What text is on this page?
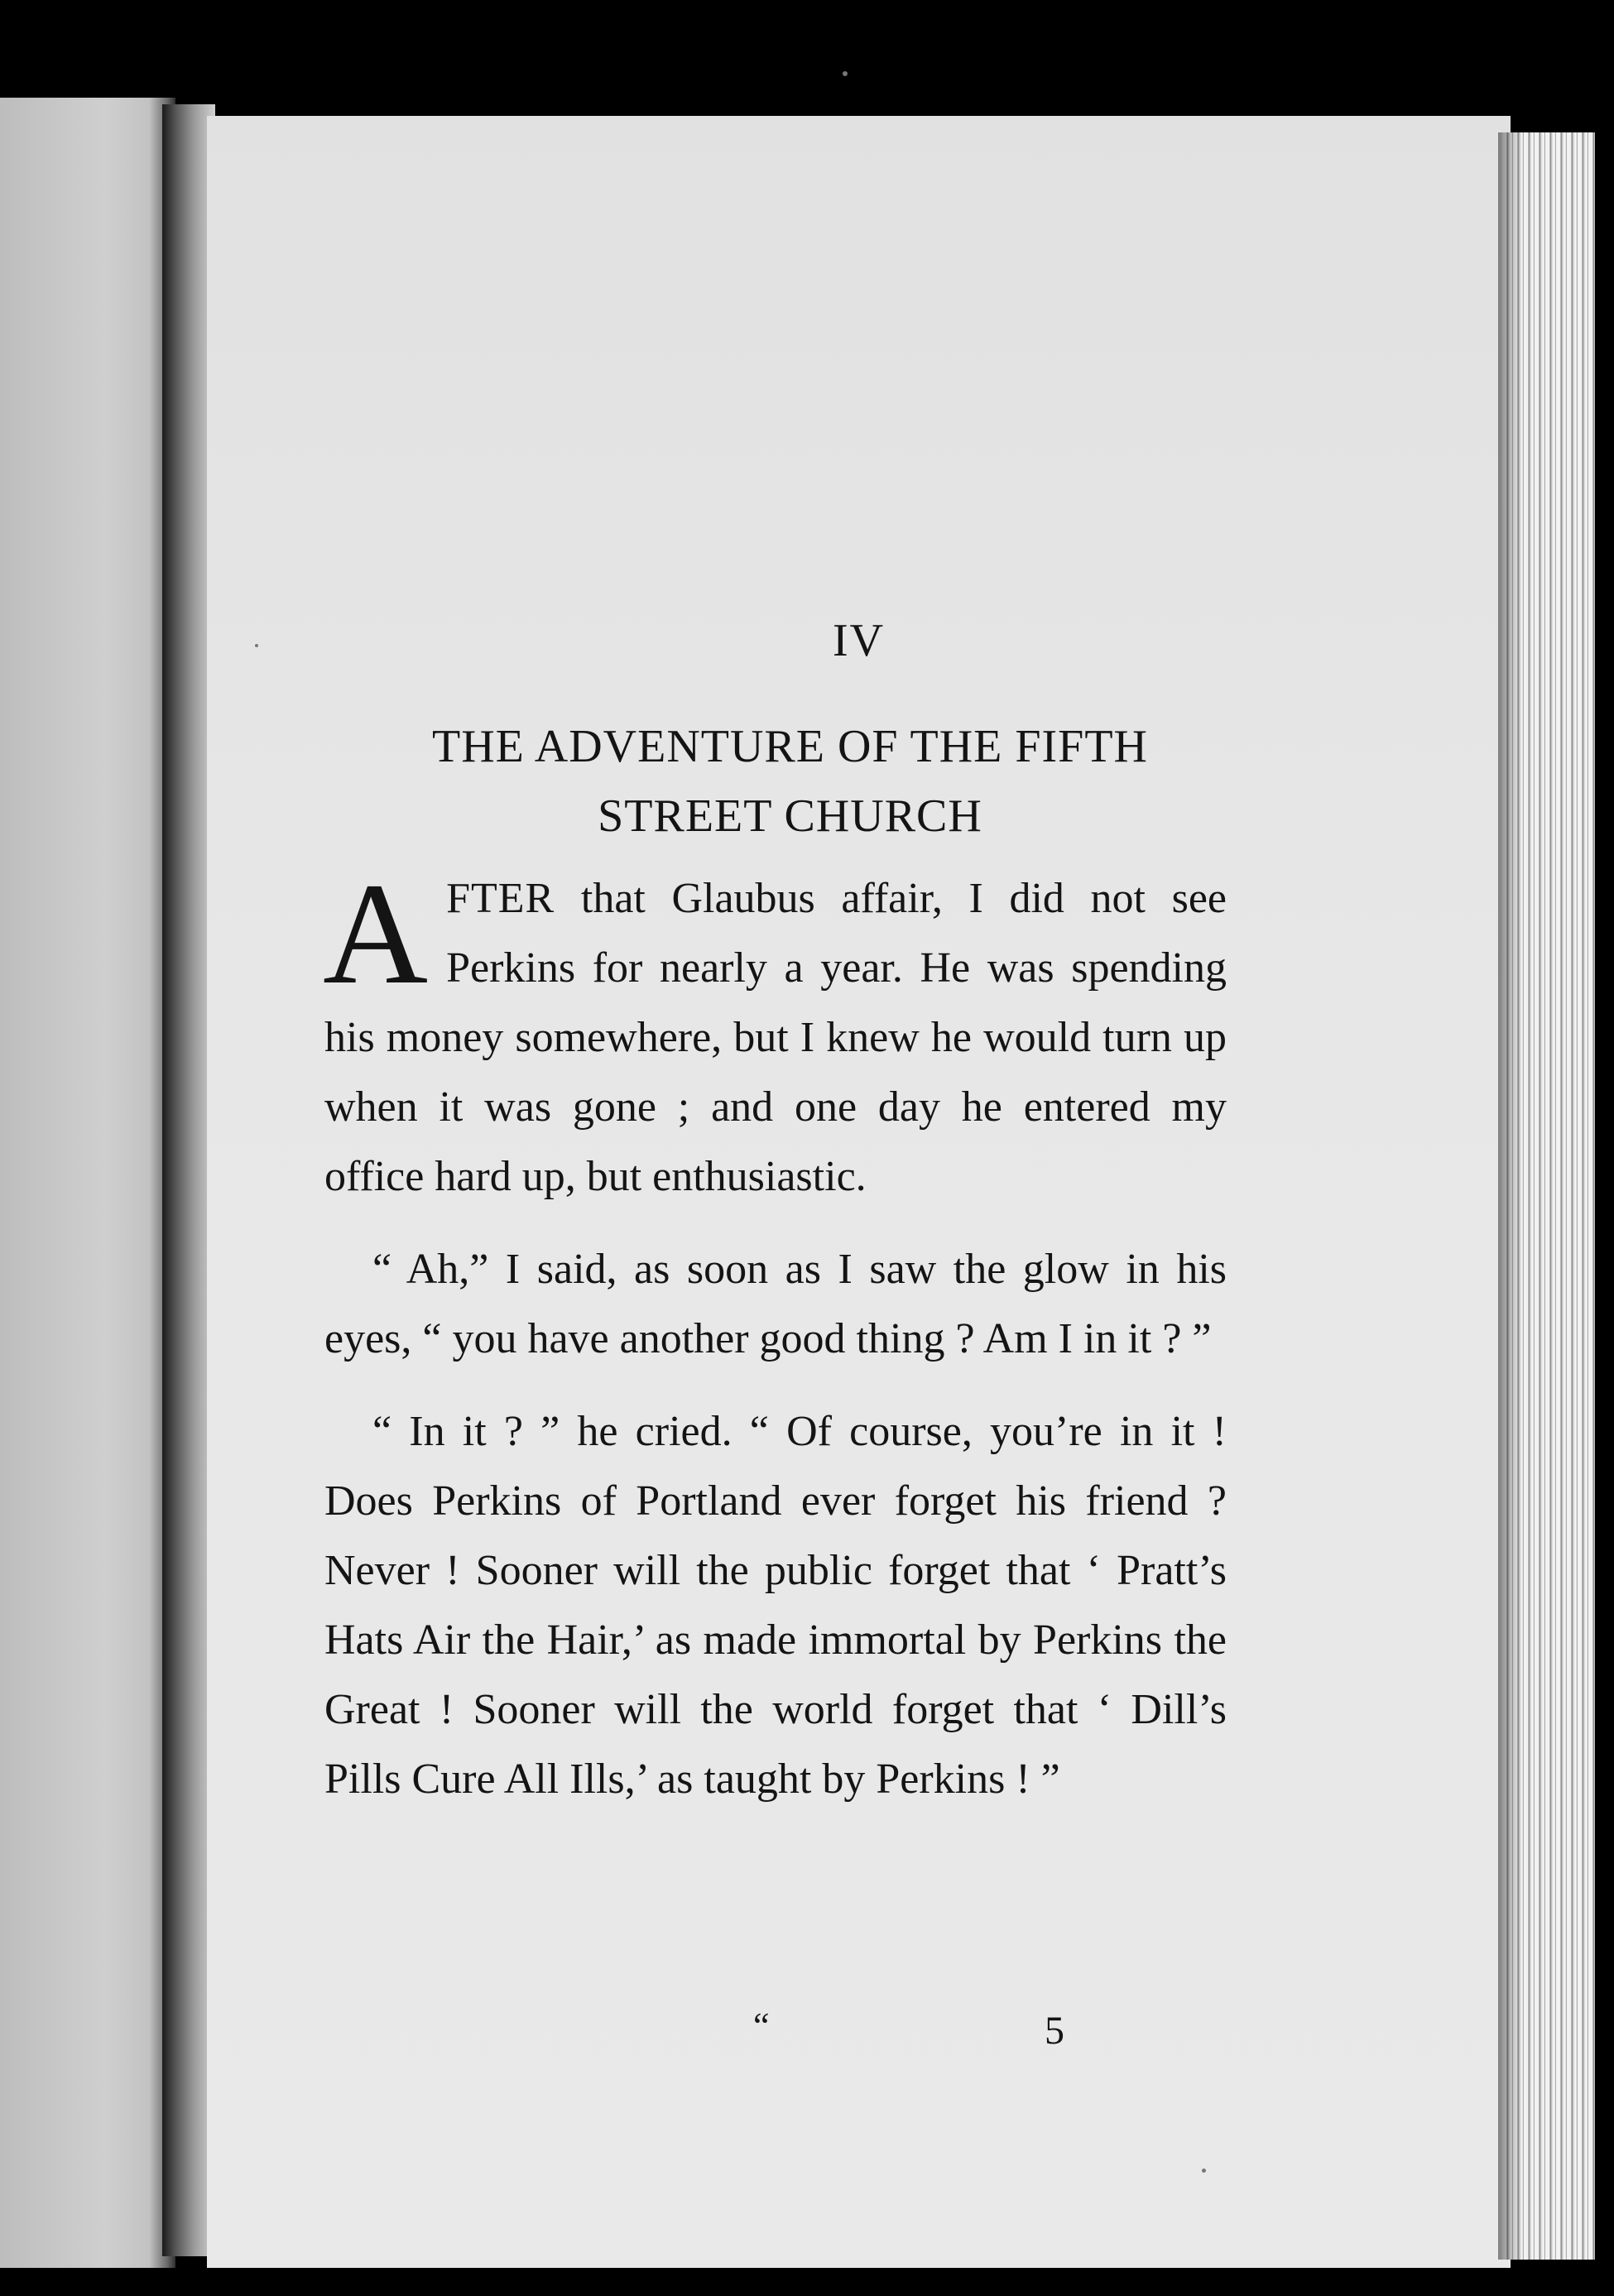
IV
THE ADVENTURE OF THE FIFTH
STREET CHURCH

AFTER that Glaubus affair, I did not see Perkins for nearly a year. He was spending his money somewhere, but I knew he would turn up when it was gone ; and one day he entered my office hard up, but enthusiastic.

“ Ah,” I said, as soon as I saw the glow in his eyes, “ you have another good thing ? Am I in it ? ”

“ In it ? ” he cried. “ Of course, you’re in it ! Does Perkins of Portland ever forget his friend ? Never ! Sooner will the public forget that ‘ Pratt’s Hats Air the Hair,’ as made immortal by Perkins the Great ! Sooner will the world forget that ‘ Dill’s Pills Cure All Ills,’ as taught by Perkins ! ”

“	5
